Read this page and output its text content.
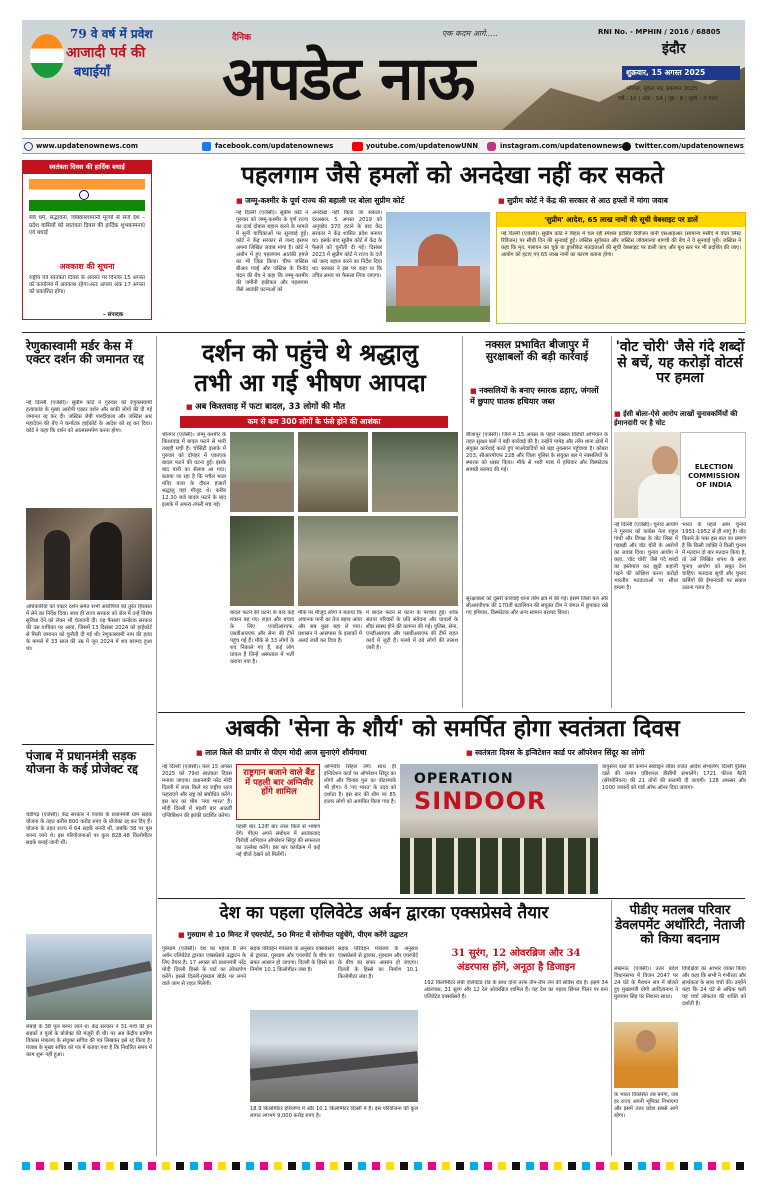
79 वे वर्ष में प्रवेश
आजादी पर्व की
बधाईयाँ
दैनिक	एक कदम आगे.....
अपडेट नाऊ
RNI No. - MPHIN / 2016 / 68805
इंदौर
शुक्रवार, 15 अगस्त 2025
भोपाल, सूचना पत्र, प्रकाशन 2025
वर्ष : 10 | अंक : 54 | पृष्ठ : 8 | मूल्य : 4 रुपए
www.updatenownews.com	facebook.com/updatenownews	youtube.com/updatenowUNN	instagram.com/updatenownews twitter.com/updatenownews
स्वतंत्रता दिवस की हार्दिक बधाई
सर्व धर्म, सद्भावना, धिक्कारशमानी मूल्यों से सजे देश – प्रदेश वासियों को स्वतंत्रता दिवस की हार्दिक शुभकामनाएं एवं बधाई
अवकाश की सूचना
राष्ट्रीय पर्व स्वतंत्रता दिवस के अवसर पर दिनांक 15 अगस्त को कार्यालय में अवकाश रहेगा।अतः अगला अंक 17 अगस्त को प्रकाशित होगा।
– संपादक
पहलगाम जैसे हमलों को अनदेखा नहीं कर सकते
■ जम्मू-कश्मीर के पूर्ण राज्य की बहाली पर बोला सुप्रीम कोर्ट	■ सुप्रीम कोर्ट ने केंद्र की सरकार से आठ हफ्तों में मांगा जवाब
नई दिल्ली (एजेंसी)। सुप्रीम कोर्ट ने गुरुवार को जम्मू-कश्मीर के पूर्ण राज्य का दर्जा दोबारा बहाल करने के मामले में सुनी याचिकाओं पर सुनवाई हुई। कोर्ट ने केंद्र सरकार से जल्द इसपर अपना लिखित जवाब मांगा है। कोर्ट ने अधीन में हुए पहलगाम आतंकी हमले का भी जिक्र किया। चीफ जस्टिस बीआर गवई और जस्टिस के विनोद चंद्रन की बेंच ने कहा कि जम्मू-कश्मीर की जमीनी हकीकत और पहलगाम जैसे आतंकी घटनाओं को
अनदेखा नहीं किया जा सकता। दरअसल, 5 अगस्त 2019 को अनुच्छेद 370 हटाने के बाद केंद्र सरकार ने केंद्र शासित प्रदेश बनाया था। इसके बाद सुप्रीम कोर्ट में केंद्र के फैसले को चुनौती दी गई। दिसंबर 2023 में सुप्रीम कोर्ट ने राज्य के दर्जे को जल्द बहाल करने का निर्देश दिया था। सरकार ने इस पर कहा था कि उचित समय पर फैसला लिया जाएगा।
'सुप्रीम' आदेश, 65 लाख नामों की सूची वेबसाइट पर डालें
नई दिल्ली (एजेंसी)। सुप्रीम कोर्ट ने बिहार में चल रही स्पेशल इंटेंसिव रिवीजन यानी एसआईआर (सामान्य मसौदे में वोटर लिस्ट रिविजन) पर सीधी दिन की सुनवाई हुई। जस्टिस सूर्यकांत और जस्टिस जॉयमाल्या बागची की बेंच ने ये सुनवाई पूरी। जस्टिस ने कहा कि मृत, पलायन कर चुके या डुप्लीकेट मतदाताओं की सूची वेबसाइट पर डाली जाए और बूथ स्तर पर भी प्रदर्शित की जाए। आयोग को हटाए गए 65 लाख नामों का कारण बताना होगा।
रेणुकास्वामी मर्डर केस में एक्टर दर्शन की जमानत रद्द
नई दिल्ली (एजेंसी)। सुप्रीम कोर्ट ने गुरुवार को रेणुकास्वामी हत्याकांड के मुख्य आरोपी एक्टर दर्शन और बाकी लोगों की दी गई जमानत रद्द कर दी। जस्टिस जेबी पारदीवाला और जस्टिस आर महादेवन की बेंच ने कर्नाटक हाईकोर्ट के आदेश को रद्द कर दिया। कोर्ट ने कहा कि दर्शन को आत्मसमर्पण करना होगा।
अधिकारियों को एक्टर दर्शन समेत सभी आरोपियों को तुरंत हिरासत में लेने का निर्देश दिया। साथ ही राज्य सरकार को जेल में उन्हें विशेष सुविधा देने को लेकर भी चेतावनी दी। यह फैसला कर्नाटक सरकार की उस याचिका पर आया, जिसमें 13 दिसंबर 2024 को हाईकोर्ट से मिली जमानत को चुनौती दी गई थी। रेणुकास्वामी नाम की हत्या के मामले में 33 साल की उम्र में जून 2024 में शव बरामद हुआ था।
पंजाब में प्रधानमंत्री सड़क योजना के कई प्रोजेक्ट रद्द
चंडीगढ़ (एजेंसी)। केंद्र सरकार ने पंजाब के प्रधानमंत्री ग्राम सड़क योजना के तहत करीब 800 करोड़ रुपए के प्रोजेक्ट रद्द कर दिए हैं। योजना के तहत राज्य में 64 सड़कें बननी थीं, जबकि 38 पर पुल बनना जाने थे। इस परियोजनाओं पर कुल 828.48 किलोमीटर सड़कें बनाई जानी थीं।
लंबाई के 38 पुल बनना जाने थे। केंद्र सरकार ने 31 मार्च की इन सड़कों व पुलों के प्रोजेक्ट की मंजूरी दी थी। पर अब केंद्रीय ग्रामीण विकास मंत्रालय के संयुक्त सचिव की पत्र लिखकर इसे रद्द किया है। पंजाब के मुख्य सचिव को पत्र में बताया गया है कि निर्धारित समय में काम शुरू नहीं हुआ।
दर्शन को पहुंचे थे श्रद्धालु
तभी आ गई भीषण आपदा
■ अब किश्तवाड़ में फटा बादल, 33 लोगों की मौत
कम से कम 300 लोगों के फंसे होने की आशंका
श्रीनगर (एजेंसी)। जम्मू कश्मीर के किश्तवाड़ में बादल फटने से भारी तबाही मची है। चोसिटी इलाके में गुरुवार को दोपहर में एकाएक बादल फटने की घटना हुई। इसके बाद पानी का सैलाब आ गया। बताया जा रहा है कि मचैल माता मंदिर यात्रा के दौरान हजारों श्रद्धालु यहां मौजूद थे। करीब 12.30 बजे बादल फटने के बाद इलाके में अफरा-तफरी मच गई।
बादल फटने की घटना के बाद कई मकान बह गए। राहत और बचाव के लिए एनडीआरएफ, एसडीआरएफ और सेना की टीमें पहुंच गई हैं। मौके से 33 लोगों के शव निकाले गए हैं, कई लोग घायल हैं जिन्हें अस्पताल में भर्ती कराया गया है।
मौके पर मौजूद लोगों ने बताया कि अचानक पानी का तेज बहाव आया और सब कुछ बहा ले गया। प्रशासन ने आसपास के इलाकों में अलर्ट जारी कर दिया है।
में बादल फटने से घटना के पश्चात हुई। शोक संतप्त परिवारों के प्रति संवेदना और घायलों के शीघ्र स्वस्थ होने की कामना की गई। पुलिस, सेना, एनडीआरएफ और एसडीआरएफ की टीमें राहत कार्य में जुटी हैं। मलबे में दबे लोगों की तलाश जारी है।
नक्सल प्रभावित बीजापुर में सुरक्षाबलों की बड़ी कार्रवाई
■ नक्सलियों के बनाए स्मारक ढहाए, जंगलों में छुपाए घातक हथियार जब्त
बीजापुर (एजेंसी)। जिले में 15 अगस्त के पहले नक्सल विरोधी अभियान के तहत सुरक्षा बलों ने बड़ी कार्रवाई की है। उन्होंने पामेड़ और तर्रेम थाना क्षेत्रों में संयुक्त कार्रवाई करते हुए माओवादियों को बड़ा नुकसान पहुंचाया है। कोबरा 203, सीआरपीएफ 228 और जिला पुलिस के संयुक्त बल ने नक्सलियों के स्मारक को ध्वस्त किया। मौके से भारी मात्रा में हथियार और विस्फोटक सामग्री बरामद की गई।
सुरक्षाबलों को दूसरी कार्रवाई थाना तर्रेम क्षेत्र में की गई। इसमें जिला बल और सीआरपीएफ की 170वीं बटालियन की संयुक्त टीम ने जंगल में छुपाकर रखे गए हथियार, विस्फोटक और अन्य सामान बरामद किया।
'वोट चोरी' जैसे गंदे शब्दों से बचें, यह करोड़ों वोटर्स पर हमला
■ ईसी बोला-ऐसे आरोप लाखों चुनावकर्मियों की ईमानदारी पर है चोट
ELECTION COMMISSION OF INDIA
नई दिल्ली (एजेंसी)। चुनाव आयोग ने गुरुवार को कांग्रेस नेता राहुल गांधी और विपक्ष के वोट लिस्ट में गड़बड़ी और वोट चोरी के आरोपों का जवाब दिया। चुनाव आयोग ने कहा, 'वोट चोरी' जैसे गंदे शब्दों का इस्तेमाल कर झूठी कहानी गढ़ने की कोशिश करना करोड़ों भारतीय मतदाताओं पर सीधा हमला है।
भारत के पहले आम चुनाव 1951-1952 से ही लागू है। वोट किसने के पास इस बात का प्रमाण है कि किसी व्यक्ति ने किसी चुनाव में मतदान दो बार मतदान किया है, तो उसे लिखित शपथ के साथ चुनाव आयोग को सबूत देना चाहिए। मतदाता सूची और चुनाव कर्मियों की ईमानदारी पर सवाल उठाना गलत है।
अबकी 'सेना के शौर्य' को समर्पित होगा स्वतंत्रता दिवस
■ लाल किले की प्राचीर से पीएम मोदी आज सुनाएंगे शौर्यगाथा	■ स्वतंत्रता दिवस के इन्विटेशन कार्ड पर ऑपरेशन सिंदूर का लोगो
नई दिल्ली (एजेंसी)। कल 15 अगस्त 2025 को 79वां स्वतंत्रता दिवस मनाया जाएगा। प्रधानमंत्री नरेंद्र मोदी दिल्ली में लाल किले पर राष्ट्रीय ध्वज फहराएंगे और राष्ट्र को संबोधित करेंगे। इस बार का थीम 'नया भारत' है। मोदी दिल्ली में पहली बार आठवीं एग्जिबिशन की झांकी प्रदर्शित करेगा।
राष्ट्रगान बजाने वाले बैंड में पहली बार अग्निवीर होंगे शामिल
पहली बार 12वीं बार लाल किले से भाषण देंगे। पीएम अपने संबोधन में आतंकवाद विरोधी अभियान ऑपरेशन सिंदूर की सफलता का उल्लेख करेंगे। इस बार कार्यक्रम में कई नई चीजें देखने को मिलेंगी।
अग्निवीर सिंहल लेंगे। साथ ही इन्विटेशन कार्ड पर ऑपरेशन सिंदूर का लोगो और चिनाब पुल का वॉटरमार्क भी होगा। ये 'नए भारत' के उदय को दर्शाता है। इस बार की थीम पर 85 हजार लोगों को आमंत्रित किया गया है।
OPERATION
SINDOOR
वायुसेना दस्ते की कमान स्क्वाड्रन लीडर राजत आदेश संभालेंगे। दिल्ली पुलिस दस्ते की कमान एडिशनल डीसीपी संभालेंगे। 1721 फील्ड बैटरी (सेरेमोनियल) की 21 तोपों की सलामी दी जाएगी। 128 अफसर और 1000 जवानों को गार्ड ऑफ ऑनर दिया जाएगा।
देश का पहला एलिवेटेड अर्बन द्वारका एक्सप्रेसवे तैयार
■ गुरुग्राम से 10 मिनट में एयरपोर्ट, 50 मिनट में सोनीपत पहुंचेंगे, पीएम करेंगे उद्घाटन
गुरुग्राम (एजेंसी)। देश का पहला 8 लेन अर्बन एलिवेटेड द्वारका एक्सप्रेसवे उद्घाटन के लिए तैयार है। 17 अगस्त को प्रधानमंत्री नरेंद्र मोदी दिल्ली हिस्से के पार्ट का लोकार्पण करेंगे। इससे दिल्ली-गुरुग्राम बॉर्डर पर लगने वाले जाम से राहत मिलेगी।
सड़क परिवहन मंत्रालय के अनुसार एक्सप्रेसवे से द्वारका, गुरुग्राम और एयरपोर्ट के बीच का सफर आसान हो जाएगा। दिल्ली के हिस्से का निर्माण 10.1 किलोमीटर लंबा है।
18.9 किलोमीटर हरियाणा में और 10.1 किलोमीटर दिल्ली में है। इस परियोजना की कुल लागत लगभग 9,000 करोड़ रुपए है।
सड़क परिवहन मंत्रालय के अनुसार एक्सप्रेसवे से द्वारका, गुरुग्राम और एयरपोर्ट के बीच का सफर आसान हो जाएगा। दिल्ली के हिस्से का निर्माण 10.1 किलोमीटर लंबा है।
31 सुरंग, 12 ओवरब्रिज और 34
अंडरपास होंगे, अनूठा है डिजाइन
192 किलोमीटर लंबी एलिवेटेड रोड के साथ दोनों तरफ तीन-तीन लेन की सर्विस रोड हैं। इसमें 34 अंडरपास, 31 सुरंग और 12 रेल ओवरब्रिज शामिल हैं। यह देश का पहला सिंगल पिलर पर बना एलिवेटेड एक्सप्रेसवे है।
पीडीए मतलब परिवार डेवलपमेंट अथॉरिटी, नेताजी को किया बदनाम
लखनऊ (एजेंसी)। उत्तर प्रदेश विधानसभा में विजन 2047 पर 24 घंटे के मैराथन सत्र में बोलते हुए मुख्यमंत्री योगी आदित्यनाथ ने मुलायम सिंह पर निशाना साधा।
के भारत विकसित तब बनेगा, जब हर राज्य अपनी भूमिका निभाएगा और इसमें उत्तर प्रदेश सबसे आगे रहेगा।
विपक्षियों का आभार व्यक्त किया और कहा कि सभी ने गंभीरता और सार्थकता के साथ चर्चा की। उन्होंने कहा कि 24 घंटे से अधिक चली यह चर्चा लोकतंत्र की शक्ति को दर्शाती है।
